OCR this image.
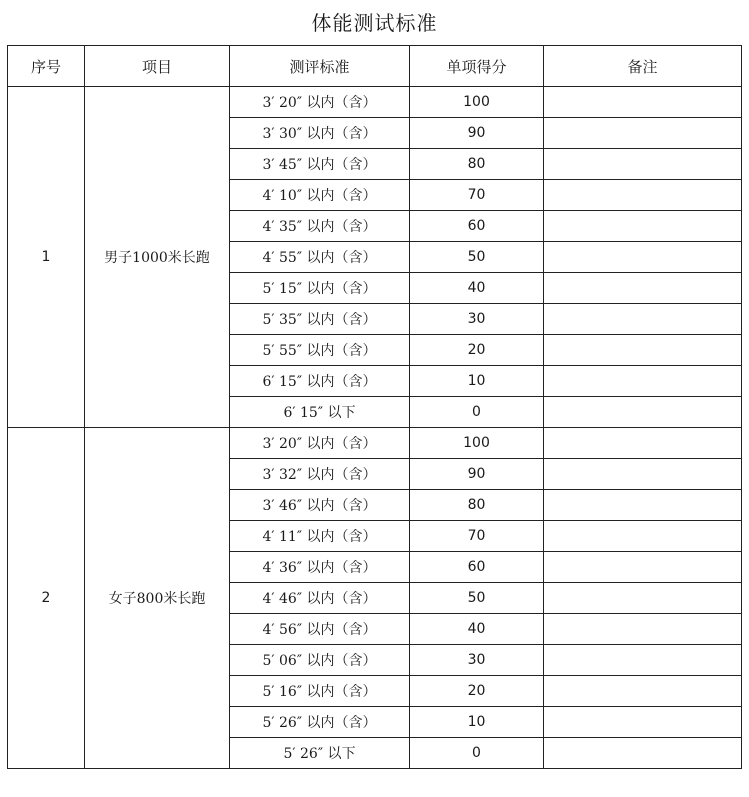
体能测试标准
序号	项目	测评标准	单项得分	备注
1	男子1000米长跑	3′ 20″ 以内（含）	100	
		3′ 30″ 以内（含）	90	
		3′ 45″ 以内（含）	80	
		4′ 10″ 以内（含）	70	
		4′ 35″ 以内（含）	60	
		4′ 55″ 以内（含）	50	
		5′ 15″ 以内（含）	40	
		5′ 35″ 以内（含）	30	
		5′ 55″ 以内（含）	20	
		6′ 15″ 以内（含）	10	
		6′ 15″ 以下	0	
2	女子800米长跑	3′ 20″ 以内（含）	100	
		3′ 32″ 以内（含）	90	
		3′ 46″ 以内（含）	80	
		4′ 11″ 以内（含）	70	
		4′ 36″ 以内（含）	60	
		4′ 46″ 以内（含）	50	
		4′ 56″ 以内（含）	40	
		5′ 06″ 以内（含）	30	
		5′ 16″ 以内（含）	20	
		5′ 26″ 以内（含）	10	
		5′ 26″ 以下	0	
